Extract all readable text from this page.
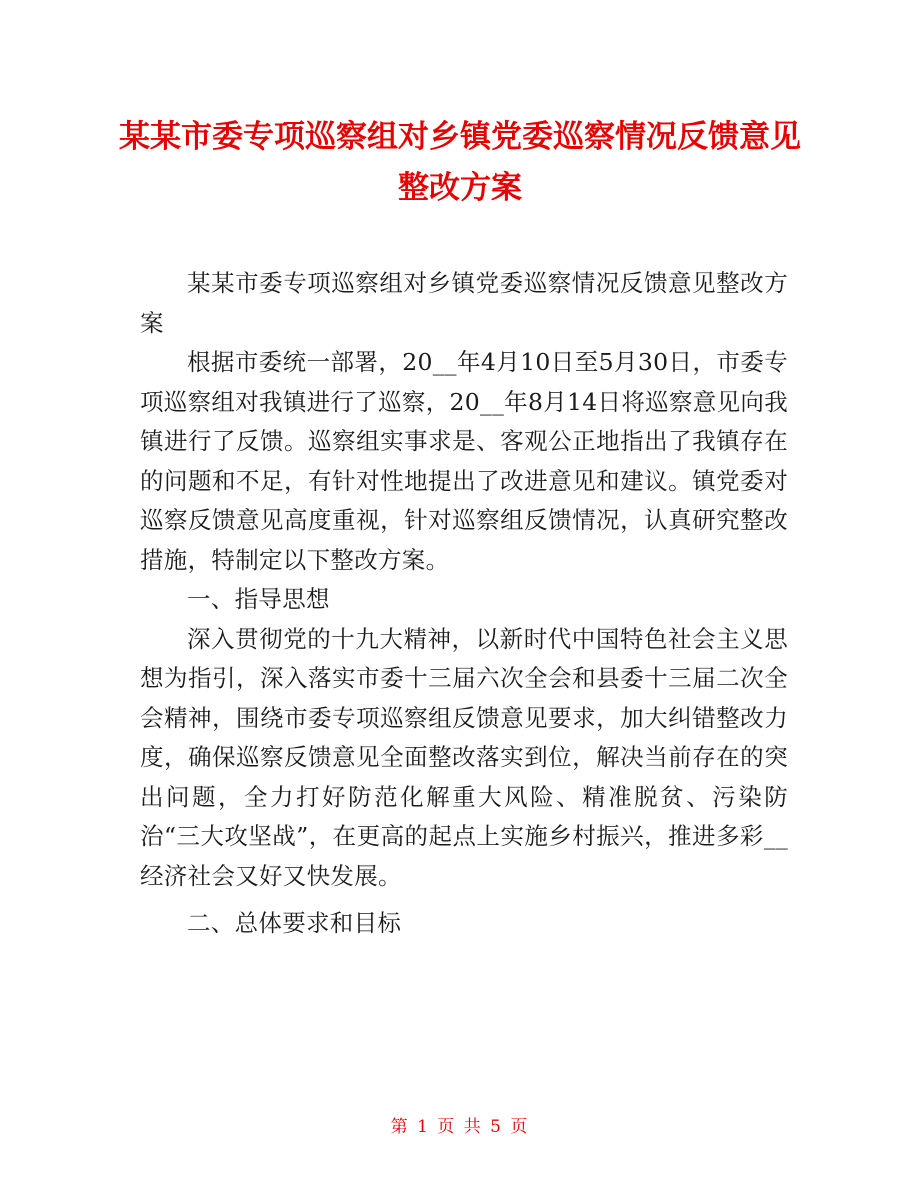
某某市委专项巡察组对乡镇党委巡察情况反馈意见整改方案

某某市委专项巡察组对乡镇党委巡察情况反馈意见整改方案

根据市委统一部署，20__年4月10日至5月30日，市委专项巡察组对我镇进行了巡察，20__年8月14日将巡察意见向我镇进行了反馈。巡察组实事求是、客观公正地指出了我镇存在的问题和不足，有针对性地提出了改进意见和建议。镇党委对巡察反馈意见高度重视，针对巡察组反馈情况，认真研究整改措施，特制定以下整改方案。

一、指导思想

深入贯彻党的十九大精神，以新时代中国特色社会主义思想为指引，深入落实市委十三届六次全会和县委十三届二次全会精神，围绕市委专项巡察组反馈意见要求，加大纠错整改力度，确保巡察反馈意见全面整改落实到位，解决当前存在的突出问题，全力打好防范化解重大风险、精准脱贫、污染防治“三大攻坚战”，在更高的起点上实施乡村振兴，推进多彩__经济社会又好又快发展。

二、总体要求和目标

第 1 页 共 5 页
